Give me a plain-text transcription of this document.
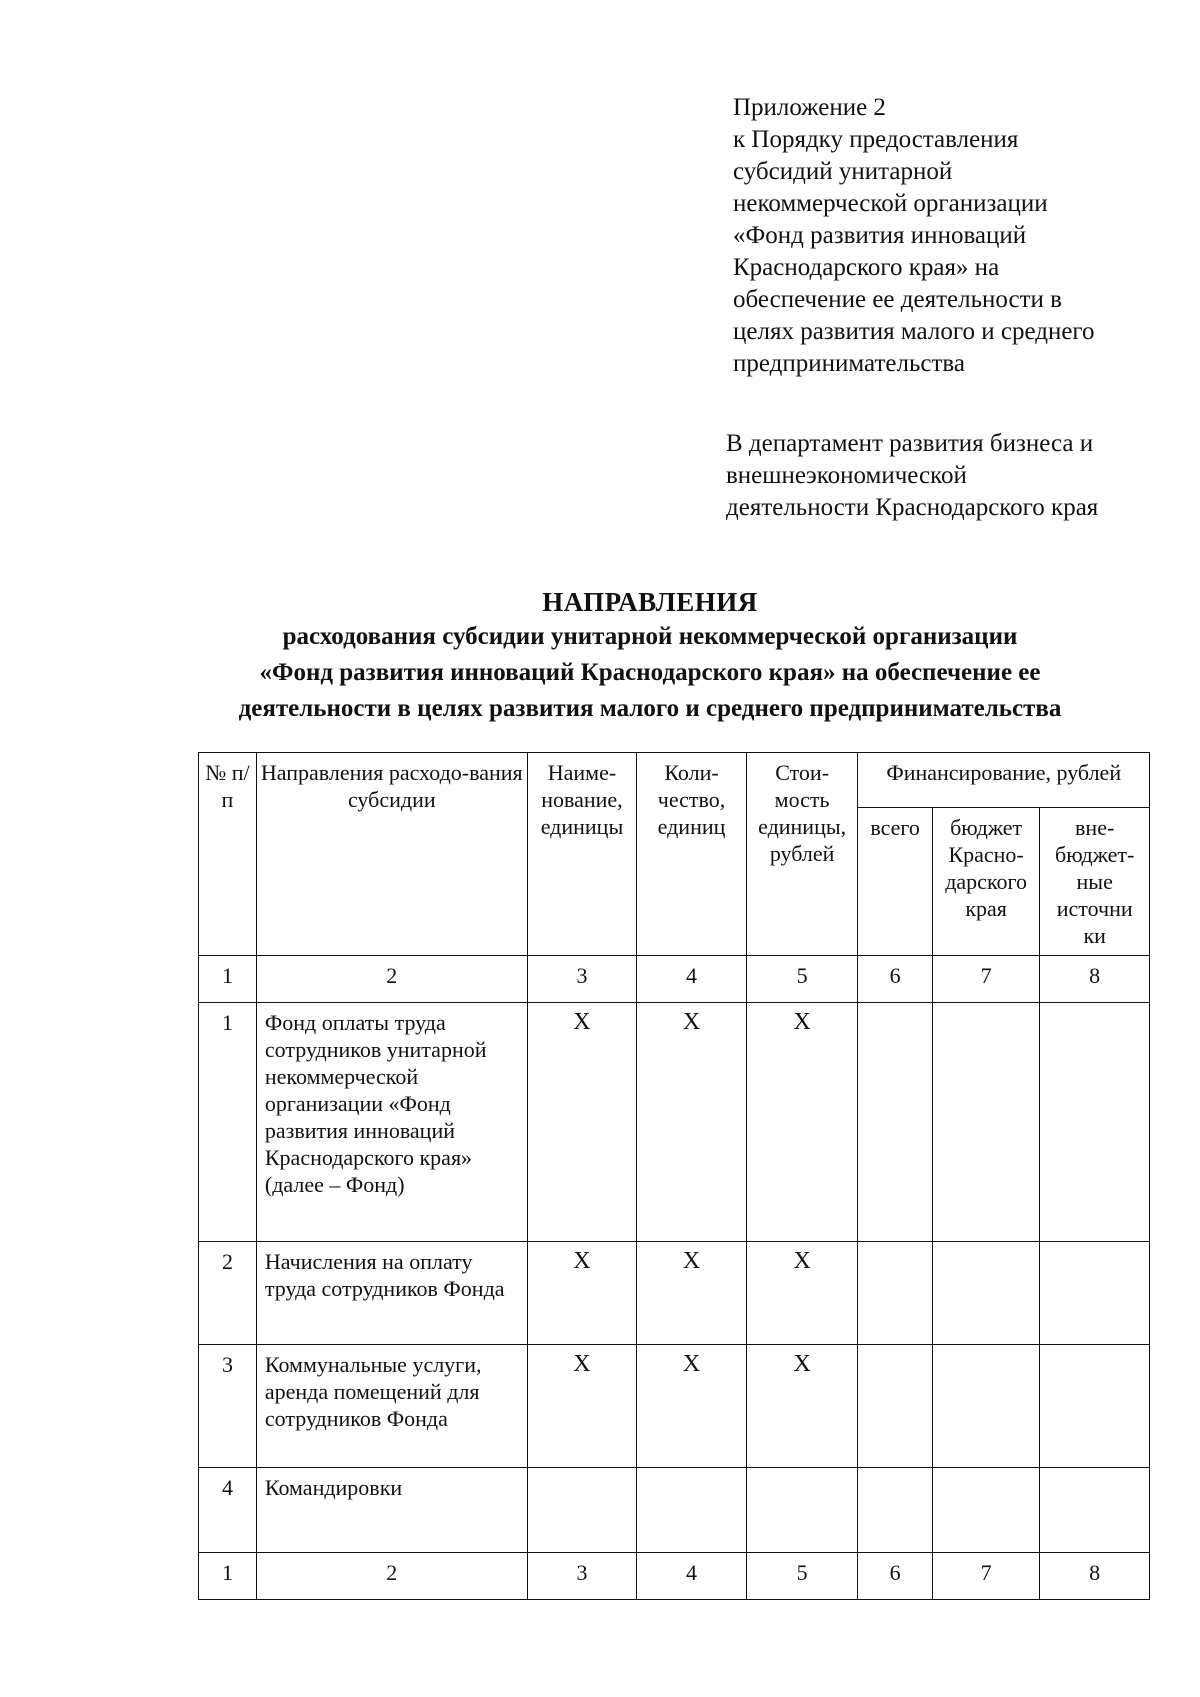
Приложение 2
к Порядку предоставления
субсидий унитарной
некоммерческой организации
«Фонд развития инноваций
Краснодарского края» на
обеспечение ее деятельности в
целях развития малого и среднего
предпринимательства
В департамент развития бизнеса и
внешнеэкономической
деятельности Краснодарского края
НАПРАВЛЕНИЯ
расходования субсидии унитарной некоммерческой организации
«Фонд развития инноваций Краснодарского края» на обеспечение ее
деятельности в целях развития малого и среднего предпринимательства
№ п/п	Направления расходо-вания субсидии	Наиме-нование, единицы	Коли-чество, единиц	Стои-мость единицы, рублей	Финансирование, рублей		
					всего	бюджет Красно-дарского края	вне-бюджет-ные источни ки
1	2	3	4	5	6	7	8
1	Фонд оплаты труда сотрудников унитарной некоммерческой организации «Фонд развития инноваций Краснодарского края» (далее – Фонд)	Х	Х	Х			
2	Начисления на оплату труда сотрудников Фонда	Х	Х	Х			
3	Коммунальные услуги, аренда помещений для сотрудников Фонда	Х	Х	Х			
4	Командировки						
1	2	3	4	5	6	7	8
